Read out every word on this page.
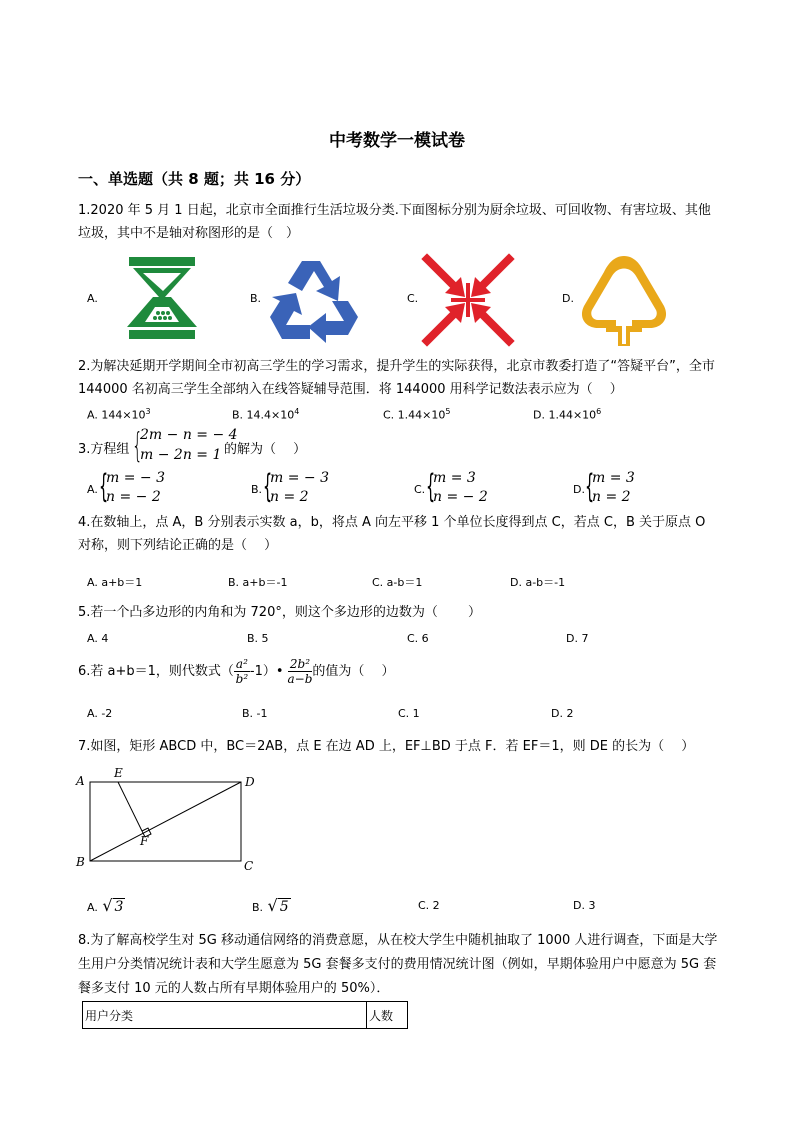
中考数学一模试卷
一、单选题（共 8 题；共 16 分）
1.2020 年 5 月 1 日起，北京市全面推行生活垃圾分类.下面图标分别为厨余垃圾、可回收物、有害垃圾、其他垃圾，其中不是轴对称图形的是（　）
A.	B.	C.	D.
2.为解决延期开学期间全市初高三学生的学习需求，提升学生的实际获得，北京市教委打造了“答疑平台”，全市 144000 名初高三学生全部纳入在线答疑辅导范围．将 144000 用科学记数法表示应为（　 ）
A. $144\times 10^3$	B. $14.4\times 10^4$	C. $1.44\times 10^5$	D. $1.44\times 10^6$
3.方程组 {
2m − n = − 4
m − 2n = 1 的解为（　 ）
A. {
m = − 3
n = − 2	B. {
m = − 3
n = 2	C. {
m = 3
n = − 2	D. {
m = 3
n = 2
4.在数轴上，点 A，B 分别表示实数 a，b，将点 A 向左平移 1 个单位长度得到点 C，若点 C，B 关于原点 O 对称，则下列结论正确的是（　 ）
A. a+b＝1	B. a+b＝-1	C. a-b＝1	D. a-b＝-1
5.若一个凸多边形的内角和为 720°，则这个多边形的边数为（　　 ）
A. 4	B. 5	C. 6	D. 7
6.若 a+b＝1，则代数式（ $\frac{\text{a²}}{\text{b²}}$ -1）• $\frac{\text{2b²}}{a-b}$ 的值为（　 ）
A. -2	B. -1	C. 1	D. 2
7.如图，矩形 ABCD 中，BC＝2AB，点 E 在边 AD 上，EF⊥BD 于点 F．若 EF＝1，则 DE 的长为（　 ）
A
B	C
D
E
F
A. √ 3	B. √ 5	C. 2	D. 3
8.为了解高校学生对 5G 移动通信网络的消费意愿，从在校大学生中随机抽取了 1000 人进行调查，下面是大学生用户分类情况统计表和大学生愿意为 5G 套餐多支付的费用情况统计图（例如，早期体验用户中愿意为 5G 套餐多支付 10 元的人数占所有早期体验用户的 50%）．
用户分类	人数
